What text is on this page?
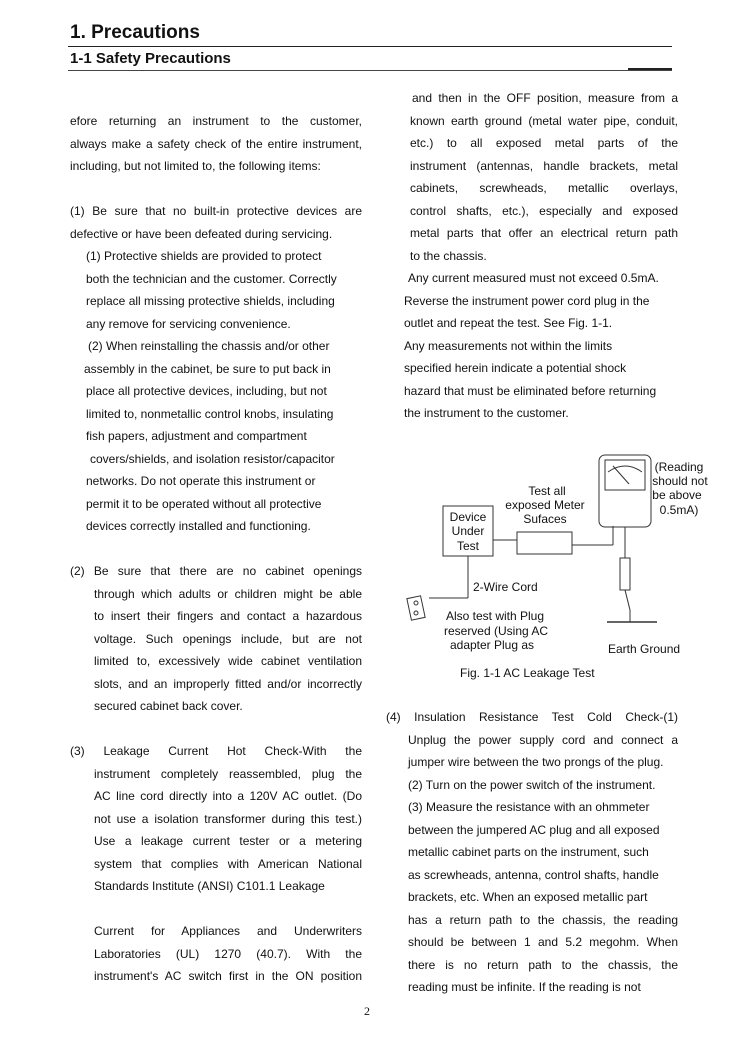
1. Precautions
1-1 Safety Precautions
efore returning an instrument to the customer,
always make a safety check of the entire instrument,
including, but not limited to, the following items:
(1) Be sure that no built-in protective devices are
defective or have been defeated during servicing.
(1) Protective shields are provided to protect
both the technician and the customer. Correctly
replace all missing protective shields, including
any remove for servicing convenience.
(2) When reinstalling the chassis and/or other
assembly in the cabinet, be sure to put back in
place all protective devices, including, but not
limited to, nonmetallic control knobs, insulating
fish papers, adjustment and compartment
covers/shields, and isolation resistor/capacitor
networks. Do not operate this instrument or
permit it to be operated without all protective
devices correctly installed and functioning.
(2) Be sure that there are no cabinet openings
through which adults or children might be able
to insert their fingers and contact a hazardous
voltage. Such openings include, but are not
limited to, excessively wide cabinet ventilation
slots, and an improperly fitted and/or incorrectly
secured cabinet back cover.
(3) Leakage Current Hot Check-With the
instrument completely reassembled, plug the
AC line cord directly into a 120V AC outlet. (Do
not use a isolation transformer during this test.)
Use a leakage current tester or a metering
system that complies with American National
Standards Institute (ANSI) C101.1 Leakage
Current for Appliances and Underwriters
Laboratories (UL) 1270 (40.7). With the
instrument's AC switch first in the ON position
and then in the OFF position, measure from a
known earth ground (metal water pipe, conduit,
etc.) to all exposed metal parts of the
instrument (antennas, handle brackets, metal
cabinets, screwheads, metallic overlays,
control shafts, etc.), especially and exposed
metal parts that offer an electrical return path
to the chassis.
Any current measured must not exceed 0.5mA.
Reverse the instrument power cord plug in the
outlet and repeat the test. See Fig. 1-1.
Any measurements not within the limits
specified herein indicate a potential shock
hazard that must be eliminated before returning
the instrument to the customer.
Device
Under
Test
Test all
exposed Meter
Sufaces
(Reading
should not
be above
0.5mA)
2-Wire Cord
Also test with Plug
reserved (Using AC
adapter Plug as	Earth Ground
Fig. 1-1 AC Leakage Test
(4) Insulation Resistance Test Cold Check-(1)
Unplug the power supply cord and connect a
jumper wire between the two prongs of the plug.
(2) Turn on the power switch of the instrument.
(3) Measure the resistance with an ohmmeter
between the jumpered AC plug and all exposed
metallic cabinet parts on the instrument, such
as screwheads, antenna, control shafts, handle
brackets, etc. When an exposed metallic part
has a return path to the chassis, the reading
should be between 1 and 5.2 megohm. When
there is no return path to the chassis, the
reading must be infinite. If the reading is not
2
